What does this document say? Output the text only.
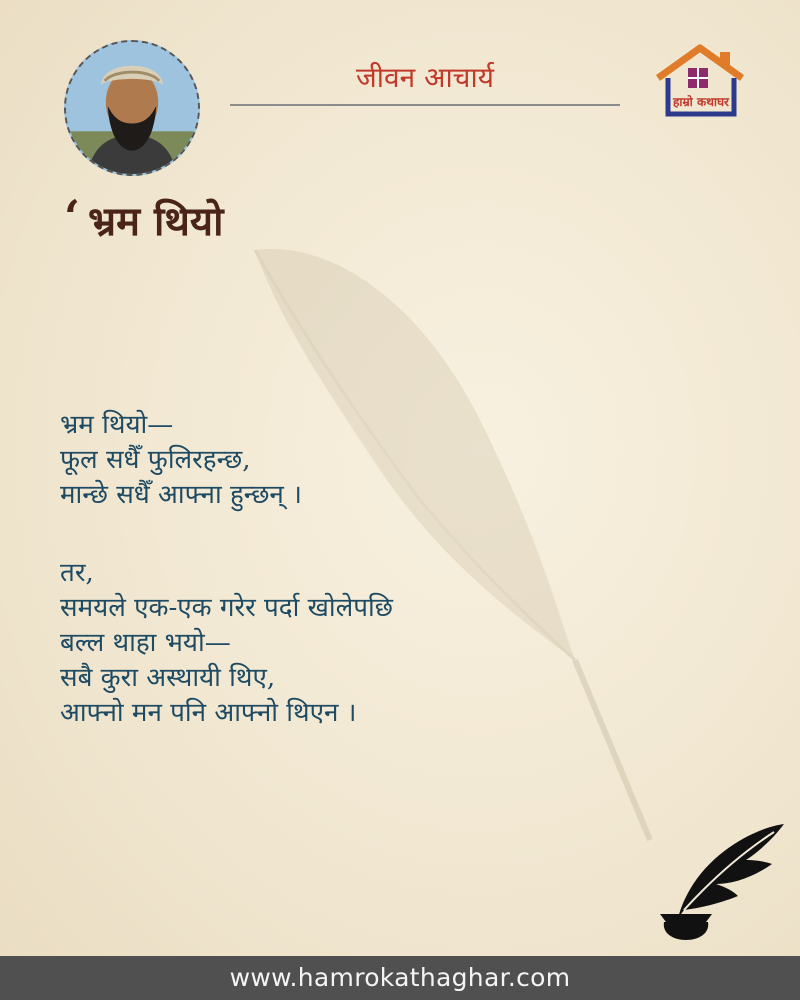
जीवन आचार्य
हाम्रो कथाघर
‘ भ्रम थियो
भ्रम थियो—
फूल सधैँ फुलिरहन्छ,
मान्छे सधैँ आफ्ना हुन्छन् ।
तर,
समयले एक-एक गरेर पर्दा खोलेपछि
बल्ल थाहा भयो—
सबै कुरा अस्थायी थिए,
आफ्नो मन पनि आफ्नो थिएन ।
www.hamrokathaghar.com
